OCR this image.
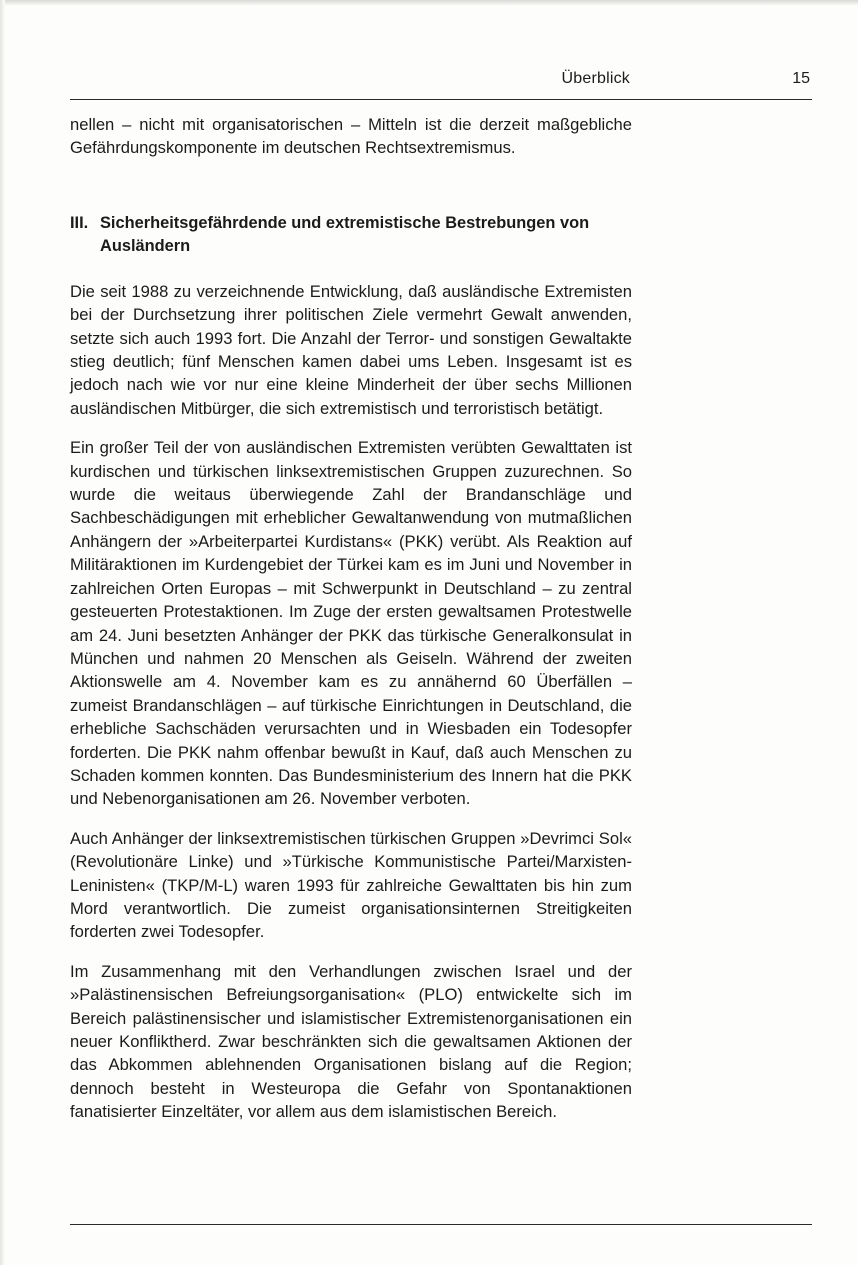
Überblick	15

nellen – nicht mit organisatorischen – Mitteln ist die derzeit maßgebliche Gefährdungskomponente im deutschen Rechtsextremismus.

III. Sicherheitsgefährdende und extremistische Bestrebungen von Ausländern

Die seit 1988 zu verzeichnende Entwicklung, daß ausländische Extremisten bei der Durchsetzung ihrer politischen Ziele vermehrt Gewalt anwenden, setzte sich auch 1993 fort. Die Anzahl der Terror- und sonstigen Gewaltakte stieg deutlich; fünf Menschen kamen dabei ums Leben. Insgesamt ist es jedoch nach wie vor nur eine kleine Minderheit der über sechs Millionen ausländischen Mitbürger, die sich extremistisch und terroristisch betätigt.

Ein großer Teil der von ausländischen Extremisten verübten Gewalttaten ist kurdischen und türkischen linksextremistischen Gruppen zuzurechnen. So wurde die weitaus überwiegende Zahl der Brandanschläge und Sachbeschädigungen mit erheblicher Gewaltanwendung von mutmaßlichen Anhängern der »Arbeiterpartei Kurdistans« (PKK) verübt. Als Reaktion auf Militäraktionen im Kurdengebiet der Türkei kam es im Juni und November in zahlreichen Orten Europas – mit Schwerpunkt in Deutschland – zu zentral gesteuerten Protestaktionen. Im Zuge der ersten gewaltsamen Protestwelle am 24. Juni besetzten Anhänger der PKK das türkische Generalkonsulat in München und nahmen 20 Menschen als Geiseln. Während der zweiten Aktionswelle am 4. November kam es zu annähernd 60 Überfällen – zumeist Brandanschlägen – auf türkische Einrichtungen in Deutschland, die erhebliche Sachschäden verursachten und in Wiesbaden ein Todesopfer forderten. Die PKK nahm offenbar bewußt in Kauf, daß auch Menschen zu Schaden kommen konnten. Das Bundesministerium des Innern hat die PKK und Nebenorganisationen am 26. November verboten.

Auch Anhänger der linksextremistischen türkischen Gruppen »Devrimci Sol« (Revolutionäre Linke) und »Türkische Kommunistische Partei/Marxisten-Leninisten« (TKP/M-L) waren 1993 für zahlreiche Gewalttaten bis hin zum Mord verantwortlich. Die zumeist organisationsinternen Streitigkeiten forderten zwei Todesopfer.

Im Zusammenhang mit den Verhandlungen zwischen Israel und der »Palästinensischen Befreiungsorganisation« (PLO) entwickelte sich im Bereich palästinensischer und islamistischer Extremistenorganisationen ein neuer Konfliktherd. Zwar beschränkten sich die gewaltsamen Aktionen der das Abkommen ablehnenden Organisationen bislang auf die Region; dennoch besteht in Westeuropa die Gefahr von Spontanaktionen fanatisierter Einzeltäter, vor allem aus dem islamistischen Bereich.
